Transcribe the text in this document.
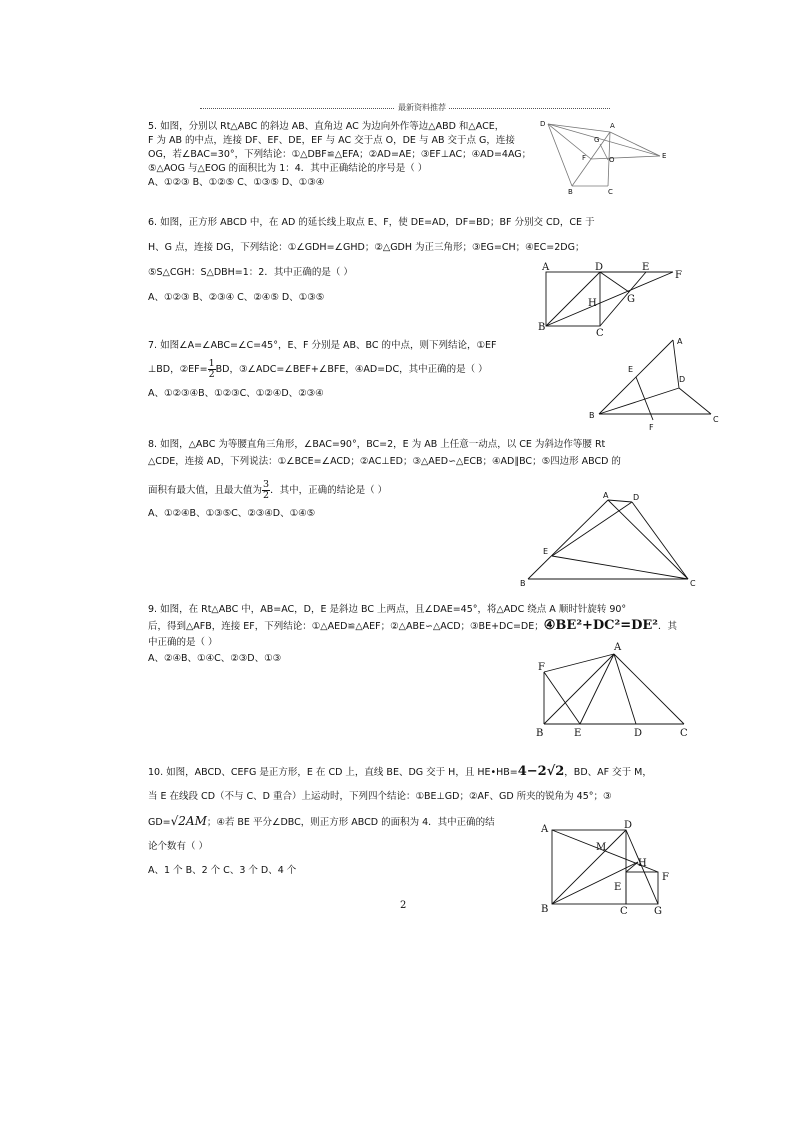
最新资料推荐

5. 如图，分别以 Rt△ABC 的斜边 AB、直角边 AC 为边向外作等边△ABD 和△ACE，

F 为 AB 的中点，连接 DF、EF、DE，EF 与 AC 交于点 O，DE 与 AB 交于点 G，连接

OG，若∠BAC=30°，下列结论：①△DBF≌△EFA；②AD=AE；③EF⊥AC；④AD=4AG；

⑤△AOG 与△EOG 的面积比为 1：4．其中正确结论的序号是（ ）

A、①②③ B、①②⑤ C、①③⑤ D、①③④

D	A
G
E
F	O
B	C

6. 如图，正方形 ABCD 中，在 AD 的延长线上取点 E、F，使 DE=AD，DF=BD；BF 分别交 CD，CE 于

H、G 点，连接 DG，下列结论：①∠GDH=∠GHD；②△GDH 为正三角形；③EG=CH；④EC=2DG；

⑤S△CGH：S△DBH=1：2．其中正确的是（ ）

A、①②③ B、②③④ C、②④⑤ D、①③⑤

A	D	E
F
H	G
B
C

7. 如图∠A=∠ABC=∠C=45°，E、F 分别是 AB、BC 的中点，则下列结论，①EF

⊥BD，②EF= $\frac{1}{2}$ BD，③∠ADC=∠BEF+∠BFE，④AD=DC，其中正确的是（ ）

A、①②③④B、①②③C、①②④D、②③④

A
E
D
B
F
C

8. 如图，△ABC 为等腰直角三角形，∠BAC=90°，BC=2，E 为 AB 上任意一动点，以 CE 为斜边作等腰 Rt

△CDE，连接 AD，下列说法：①∠BCE=∠ACD；②AC⊥ED；③△AED∽△ECB；④AD∥BC；⑤四边形 ABCD 的

面积有最大值，且最大值为 $\frac{3}{2}$ ．其中，正确的结论是（ ）

A、①②④B、①③⑤C、②③④D、①④⑤

A	D
E
B	C

9. 如图，在 Rt△ABC 中，AB=AC，D，E 是斜边 BC 上两点，且∠DAE=45°，将△ADC 绕点 A 顺时针旋转 90°

后，得到△AFB，连接 EF，下列结论：①△AED≌△AEF；②△ABE∽△ACD；③BE+DC=DE；④BE²+DC²=DE²．其

中正确的是（ ）

A、②④B、①④C、②③D、①③

F
A
B	E	D	C

10. 如图，ABCD、CEFG 是正方形，E 在 CD 上，直线 BE、DG 交于 H，且 HE•HB=4−2√2，BD、AF 交于 M，

当 E 在线段 CD（不与 C、D 重合）上运动时，下列四个结论：①BE⊥GD；②AF、GD 所夹的锐角为 45°；③

GD=√2AM；④若 BE 平分∠DBC，则正方形 ABCD 的面积为 4．其中正确的结

论个数有（ ）

A、1 个 B、2 个 C、3 个 D、4 个

A	D
M
H
F
E
B	C	G
2
